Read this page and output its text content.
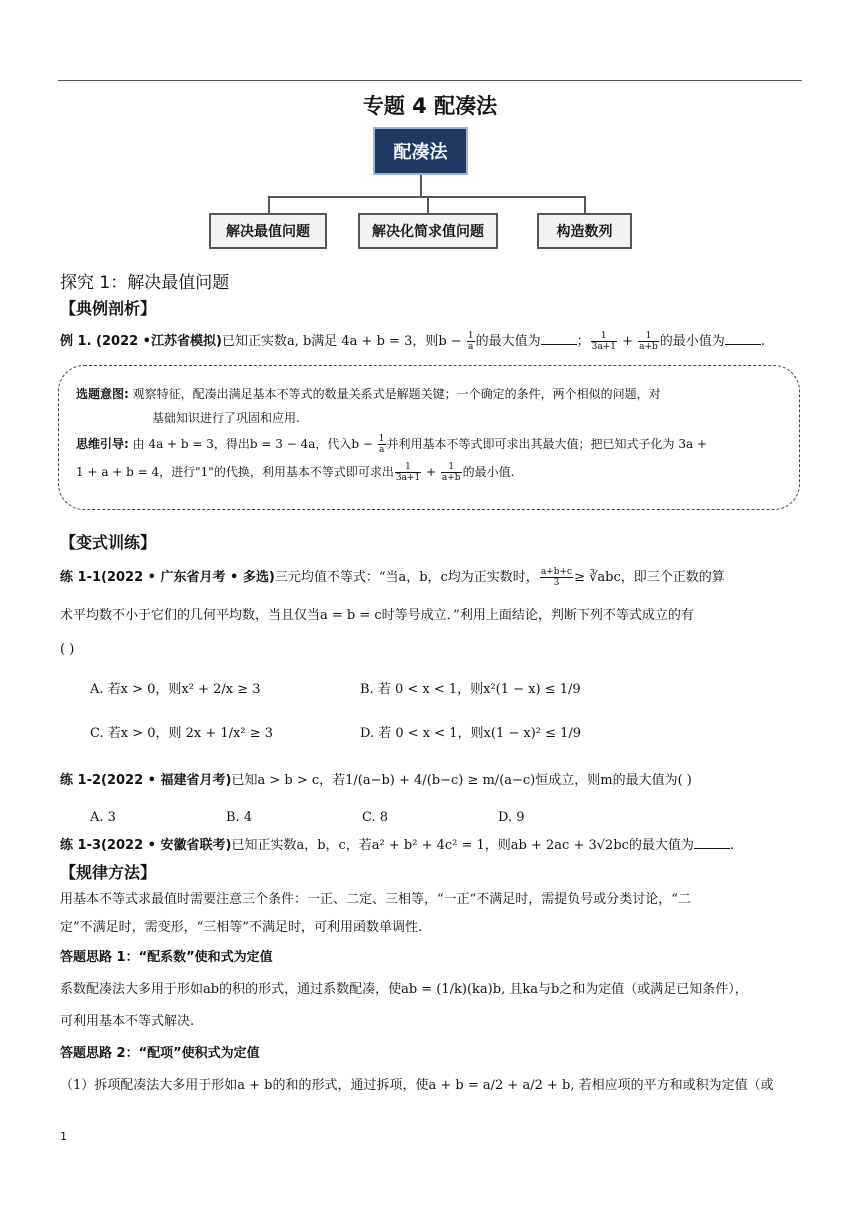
专题 4 配凑法
配凑法
解决最值问题	解决化简求值问题	构造数列
探究 1：解决最值问题
【典例剖析】
例 1. (2022 •江苏省模拟)已知正实数a, b满足 4a + b = 3，则$b - \frac{1}{a}$ 的最大值为	； $\frac{1}{3a+1} + \frac{1}{a+b}$ 的最小值为	.
选题意图: 观察特征，配凑出满足基本不等式的数量关系式是解题关键；一个确定的条件，两个相似的问题，对
基础知识进行了巩固和应用.
思维引导: 由 4a + b = 3，得出b = 3 − 4a，代入$b - \frac{1}{a}$ 并利用基本不等式即可求出其最大值；把已知式子化为 3a +
1 + a + b = 4，进行"1"的代换，利用基本不等式即可求出 $\frac{1}{3a+1} + \frac{1}{a+b}$ 的最小值.
【变式训练】
练 1-1(2022 • 广东省月考 • 多选)三元均值不等式：“当a，b，c均为正实数时， $\frac{a+b+c}{3}$ ≥ ∛abc，即三个正数的算
术平均数不小于它们的几何平均数，当且仅当a = b = c时等号成立．”利用上面结论，判断下列不等式成立的有
( )
A. 若x > 0，则x² + 2/x ≥ 3	B. 若 0 < x < 1，则x²(1 − x) ≤ 1/9
C. 若x > 0，则 2x + 1/x² ≥ 3	D. 若 0 < x < 1，则x(1 − x)² ≤ 1/9
练 1-2(2022 • 福建省月考)已知a > b > c，若1/(a−b) + 4/(b−c) ≥ m/(a−c)恒成立，则m的最大值为( )
A. 3	B. 4	C. 8	D. 9
练 1-3(2022 • 安徽省联考)已知正实数a，b，c，若a² + b² + 4c² = 1，则ab + 2ac + 3√2bc的最大值为	.
【规律方法】
用基本不等式求最值时需要注意三个条件：一正、二定、三相等，“一正”不满足时，需提负号或分类讨论，“二
定”不满足时，需变形，“三相等”不满足时，可利用函数单调性.
答题思路 1：“配系数”使和式为定值
系数配凑法大多用于形如ab的积的形式，通过系数配凑，使ab = (1/k)(ka)b, 且ka与b之和为定值（或满足已知条件），
可利用基本不等式解决.
答题思路 2：“配项”使积式为定值
（1）拆项配凑法大多用于形如a + b的和的形式，通过拆项，使a + b = a/2 + a/2 + b, 若相应项的平方和或积为定值（或
1
